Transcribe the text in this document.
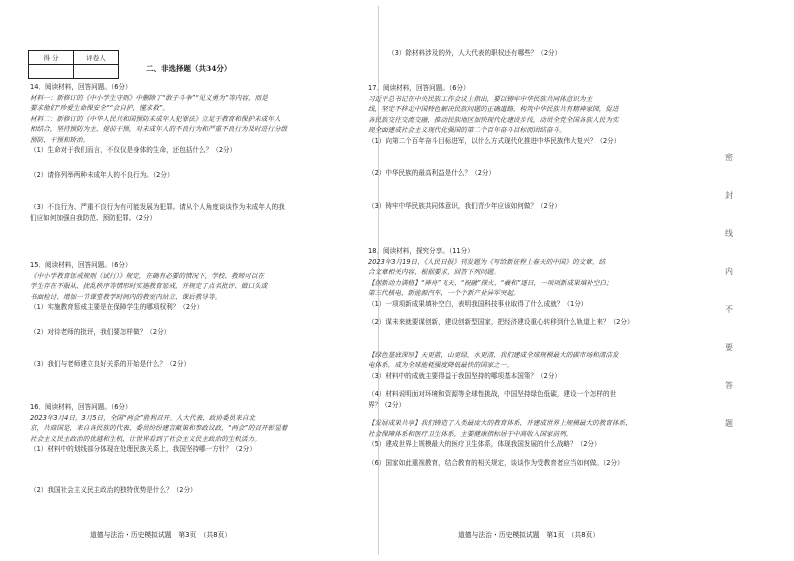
得 分	评卷人

二、非选择题（共34分）
14．阅读材料，回答问题。（6分）
材料一：新修订的《中小学生守则》中删除了“敢于斗争”“见义勇为”等内容，而是
要求他们“珍爱生命保安全”“会自护，懂求救”。
材料二：新修订的《中华人民共和国预防未成年人犯罪法》立足于教育和保护未成年人
相结合，坚持预防为主、提前干预，对未成年人的不良行为和严重不良行为及时进行分级
预防、干预和矫治。
（1）生命对于我们而言，不仅仅是身体的生命，还包括什么？（2分）
（2）请你列举两种未成年人的不良行为。（2分）
（3）不良行为、严重不良行为有可能发展为犯罪。请从个人角度谈谈作为未成年人的我
们应如何加强自我防范、预防犯罪。（2分）
15．阅读材料，回答问题。（6分）
《中小学教育惩戒规则（试行）》规定，在确有必要的情况下，学校、教师可以在
学生存在不服从、扰乱秩序等情形时实施教育惩戒，并规定了点名批评、做口头或
书面检讨、增加一节课堂教学时间内的教室内站立、课后教导等。
（1）实施教育惩戒主要是在保障学生的哪项权利？（2分）
（2）对待老师的批评，我们要怎样做？（2分）
（3）我们与老师建立良好关系的开始是什么？（2分）
16．阅读材料，回答问题。（6分）
2023年3月4日，3月5日，全国“两会”胜利召开。人大代表、政协委员来自北
京，共商国是，来自各民族的代表、委员纷纷建言献策和参政议政，“两会”的召开彰显着
社会主义民主政治的优越和生机，让世界看到了社会主义民主政治的生机活力。
（1）材料中的划线部分体现在处理民族关系上，我国坚持哪一方针？（2分）
（2）我国社会主义民主政治的独特优势是什么？（2分）
道德与法治・历史模拟试题　第3页　（共8页）
密
封
线
内
不
要
答
题
（3）除材料涉及的外，人大代表的职权还有哪些？（2分）
17．阅读材料，回答问题。（6分）
习近平总书记在中央民族工作会议上指出，要以铸牢中华民族共同体意识为主
线，坚定不移走中国特色解决民族问题的正确道路，构筑中华民族共有精神家园，促进
各民族交往交流交融，推动民族地区加快现代化建设步伐，动员全党全国各族人民为实
现全面建成社会主义现代化强国的第二个百年奋斗目标而团结奋斗。
（1）向第二个百年奋斗目标进军，以什么方式现代化推进中华民族伟大复兴？（2分）
（2）中华民族的最高利益是什么？（2分）
（3）铸牢中华民族共同体意识，我们青少年应该如何做？（2分）
18．阅读材料，探究分享。（11分）
2023年3月19日，《人民日报》刊发题为《写给新征程上春天的中国》的文章。结
合文章相关内容，根据要求，回答下列问题。
【创新动力满格】“神舟”飞天、“祝融”探火、“羲和”逐日，一项项新成果填补空白；
第三代核电、新能源汽车，一个个新产业异军突起。
（1）一项项新成果填补空白，表明我国科技事业取得了什么成就？（1分）
（2）谋未来就要谋创新，建设创新型国家，把经济建设重心转移到什么轨道上来？（2分）
【绿色基底深厚】天更蓝，山更绿，水更清，我们建成全球规模最大的碳市场和清洁发
电体系，成为全球能耗强度降低最快的国家之一。
（3）材料中的成就主要得益于我国坚持的哪项基本国策？（2分）
（4）材料说明面对环境和资源等全球性挑战，中国坚持绿色低碳，建设一个怎样的世
界？（2分）
【发展成果共享】我们铸造了人类最庞大的教育体系，并建成世界上规模最大的教育体系、
社会保障体系和医疗卫生体系，主要健康指标居于中高收入国家前列。
（5）建成世界上规模最大的医疗卫生体系，体现我国发展的什么战略？（2分）
（6）国家如此重视教育，结合教育的相关规定，谈谈作为受教育者应当如何做。（2分）
道德与法治・历史模拟试题　第1页　（共8页）
